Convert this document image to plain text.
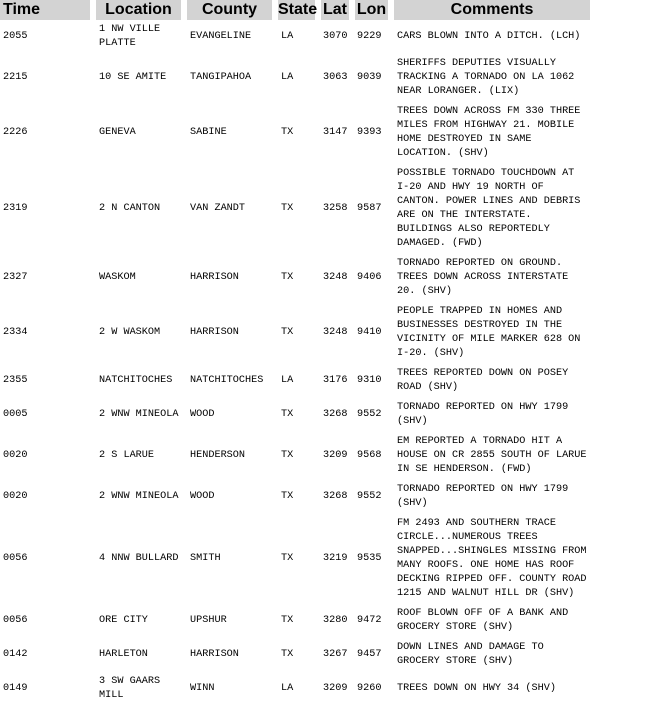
Time	Location	County	State	Lat	Lon	Comments
2055	1 NW VILLE PLATTE	EVANGELINE	LA	3070	9229	CARS BLOWN INTO A DITCH. (LCH)
2215	10 SE AMITE	TANGIPAHOA	LA	3063	9039	SHERIFFS DEPUTIES VISUALLY TRACKING A TORNADO ON LA 1062 NEAR LORANGER. (LIX)
2226	GENEVA	SABINE	TX	3147	9393	TREES DOWN ACROSS FM 330 THREE MILES FROM HIGHWAY 21. MOBILE HOME DESTROYED IN SAME LOCATION. (SHV)
2319	2 N CANTON	VAN ZANDT	TX	3258	9587	POSSIBLE TORNADO TOUCHDOWN AT I-20 AND HWY 19 NORTH OF CANTON. POWER LINES AND DEBRIS ARE ON THE INTERSTATE. BUILDINGS ALSO REPORTEDLY DAMAGED. (FWD)
2327	WASKOM	HARRISON	TX	3248	9406	TORNADO REPORTED ON GROUND. TREES DOWN ACROSS INTERSTATE 20. (SHV)
2334	2 W WASKOM	HARRISON	TX	3248	9410	PEOPLE TRAPPED IN HOMES AND BUSINESSES DESTROYED IN THE VICINITY OF MILE MARKER 628 ON I-20. (SHV)
2355	NATCHITOCHES	NATCHITOCHES	LA	3176	9310	TREES REPORTED DOWN ON POSEY ROAD (SHV)
0005	2 WNW MINEOLA	WOOD	TX	3268	9552	TORNADO REPORTED ON HWY 1799 (SHV)
0020	2 S LARUE	HENDERSON	TX	3209	9568	EM REPORTED A TORNADO HIT A HOUSE ON CR 2855 SOUTH OF LARUE IN SE HENDERSON. (FWD)
0020	2 WNW MINEOLA	WOOD	TX	3268	9552	TORNADO REPORTED ON HWY 1799 (SHV)
0056	4 NNW BULLARD	SMITH	TX	3219	9535	FM 2493 AND SOUTHERN TRACE CIRCLE...NUMEROUS TREES SNAPPED...SHINGLES MISSING FROM MANY ROOFS. ONE HOME HAS ROOF DECKING RIPPED OFF. COUNTY ROAD 1215 AND WALNUT HILL DR (SHV)
0056	ORE CITY	UPSHUR	TX	3280	9472	ROOF BLOWN OFF OF A BANK AND GROCERY STORE (SHV)
0142	HARLETON	HARRISON	TX	3267	9457	DOWN LINES AND DAMAGE TO GROCERY STORE (SHV)
0149	3 SW GAARS MILL	WINN	LA	3209	9260	TREES DOWN ON HWY 34 (SHV)
